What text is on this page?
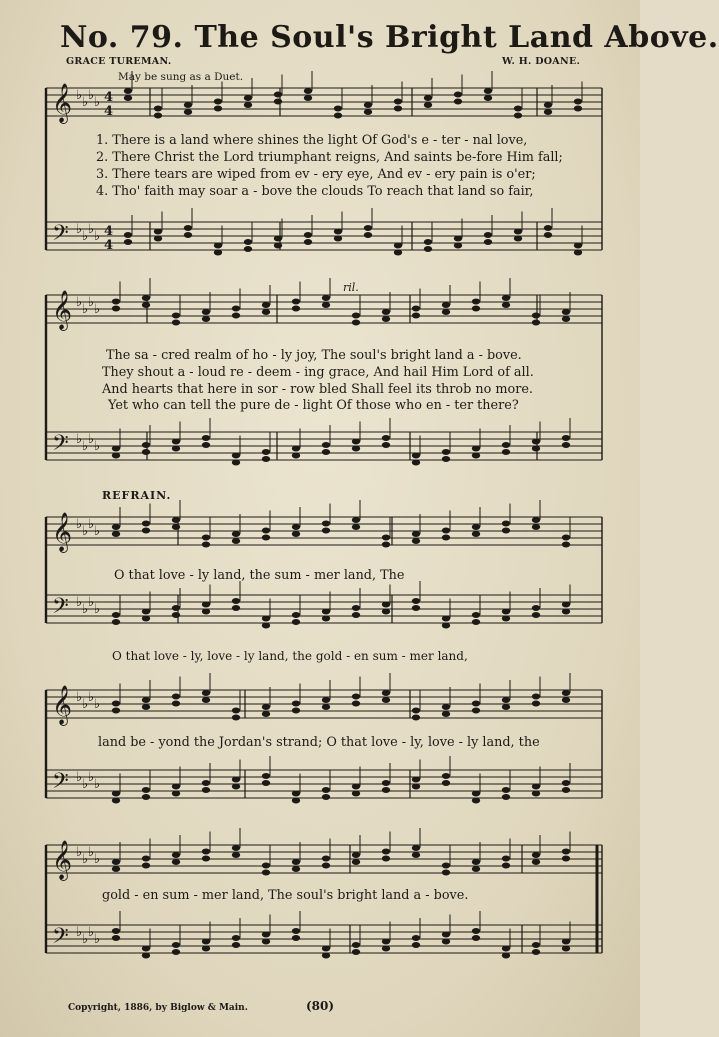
No. 79. The Soul's Bright Land Above.
GRACE TUREMAN.	W. H. DOANE.
May be sung as a Duet.
ril.
𝄞 ♭ ♭ ♭ ♭
𝄢 ♭ ♭ ♭ ♭
4
4
4
4
𝄞 ♭ ♭ ♭ ♭
𝄢 ♭ ♭ ♭ ♭
𝄞 ♭ ♭ ♭ ♭
𝄢 ♭ ♭ ♭ ♭
𝄞 ♭ ♭ ♭ ♭
𝄢 ♭ ♭ ♭ ♭
𝄞 ♭ ♭ ♭ ♭
𝄢 ♭ ♭ ♭ ♭
1. There is a land where shines the light Of God's e - ter - nal love,
2. There Christ the Lord triumphant reigns, And saints be-fore Him fall;
3. There tears are wiped from ev - ery eye, And ev - ery pain is o'er;
4. Tho' faith may soar a - bove the clouds To reach that land so fair,
The sa - cred realm of ho - ly joy, The soul's bright land a - bove.
They shout a - loud re - deem - ing grace, And hail Him Lord of all.
And hearts that here in sor - row bled Shall feel its throb no more.
Yet who can tell the pure de - light Of those who en - ter there?
REFRAIN.
O that love - ly land, the sum - mer land, The
O that love - ly, love - ly land, the gold - en sum - mer land,
land be - yond the Jordan's strand; O that love - ly, love - ly land, the
gold - en sum - mer land, The soul's bright land a - bove.
Copyright, 1886, by Biglow & Main.	(80)
